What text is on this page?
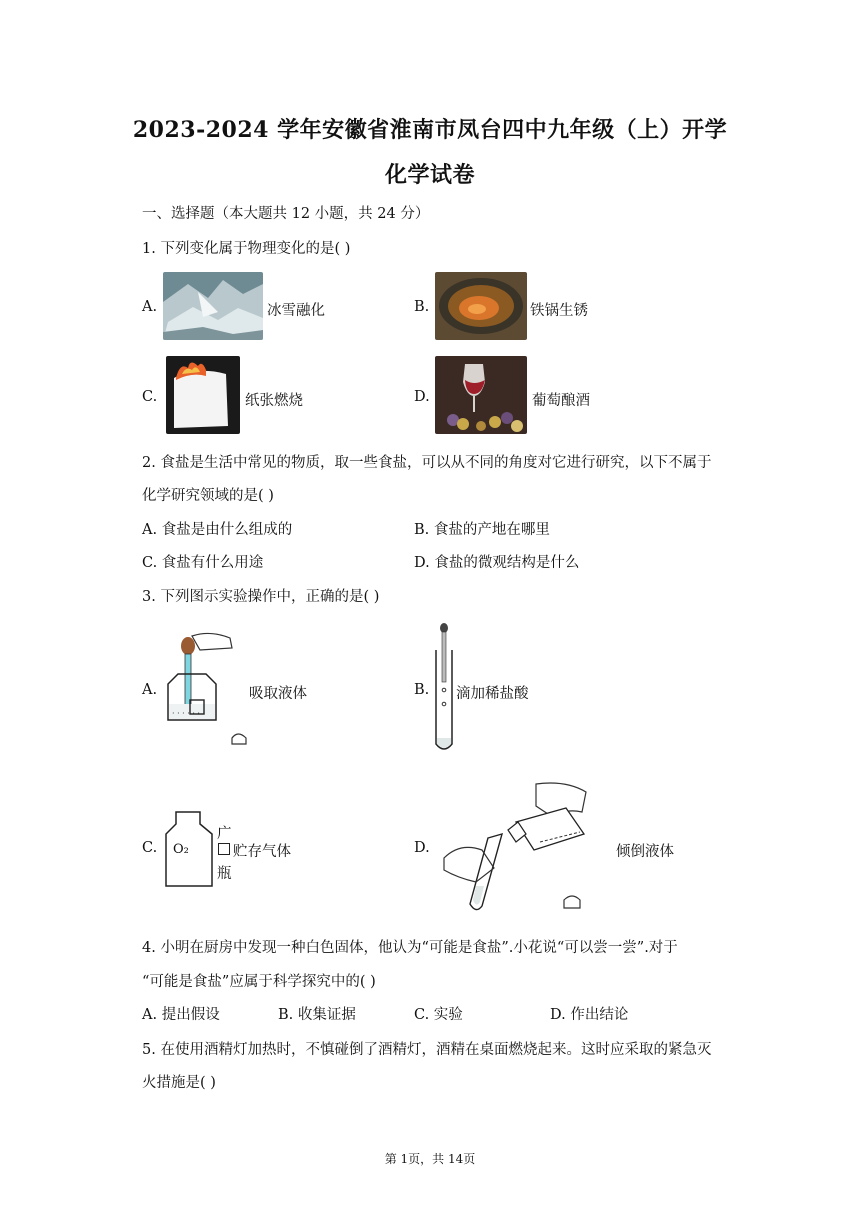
2023-2024 学年安徽省淮南市凤台四中九年级（上）开学
化学试卷
一、选择题（本大题共 12 小题，共 24 分）
1. 下列变化属于物理变化的是( )
A.	冰雪融化	B.	铁锅生锈
C.	纸张燃烧	D.	葡萄酿酒
2. 食盐是生活中常见的物质，取一些食盐，可以从不同的角度对它进行研究，以下不属于
化学研究领域的是( )
A. 食盐是由什么组成的	B. 食盐的产地在哪里
C. 食盐有什么用途	D. 食盐的微观结构是什么
3. 下列图示实验操作中，正确的是( )
A.
· · · · · ·
吸取液体	B. 滴加稀盐酸
C. O₂
广
瓶
贮存气体	D.	倾倒液体
4. 小明在厨房中发现一种白色固体，他认为“可能是食盐”.小花说“可以尝一尝”.对于
“可能是食盐”应属于科学探究中的( )
A. 提出假设	B. 收集证据	C. 实验	D. 作出结论
5. 在使用酒精灯加热时，不慎碰倒了酒精灯，酒精在桌面燃烧起来。这时应采取的紧急灭
火措施是( )
第 1页，共 14页
